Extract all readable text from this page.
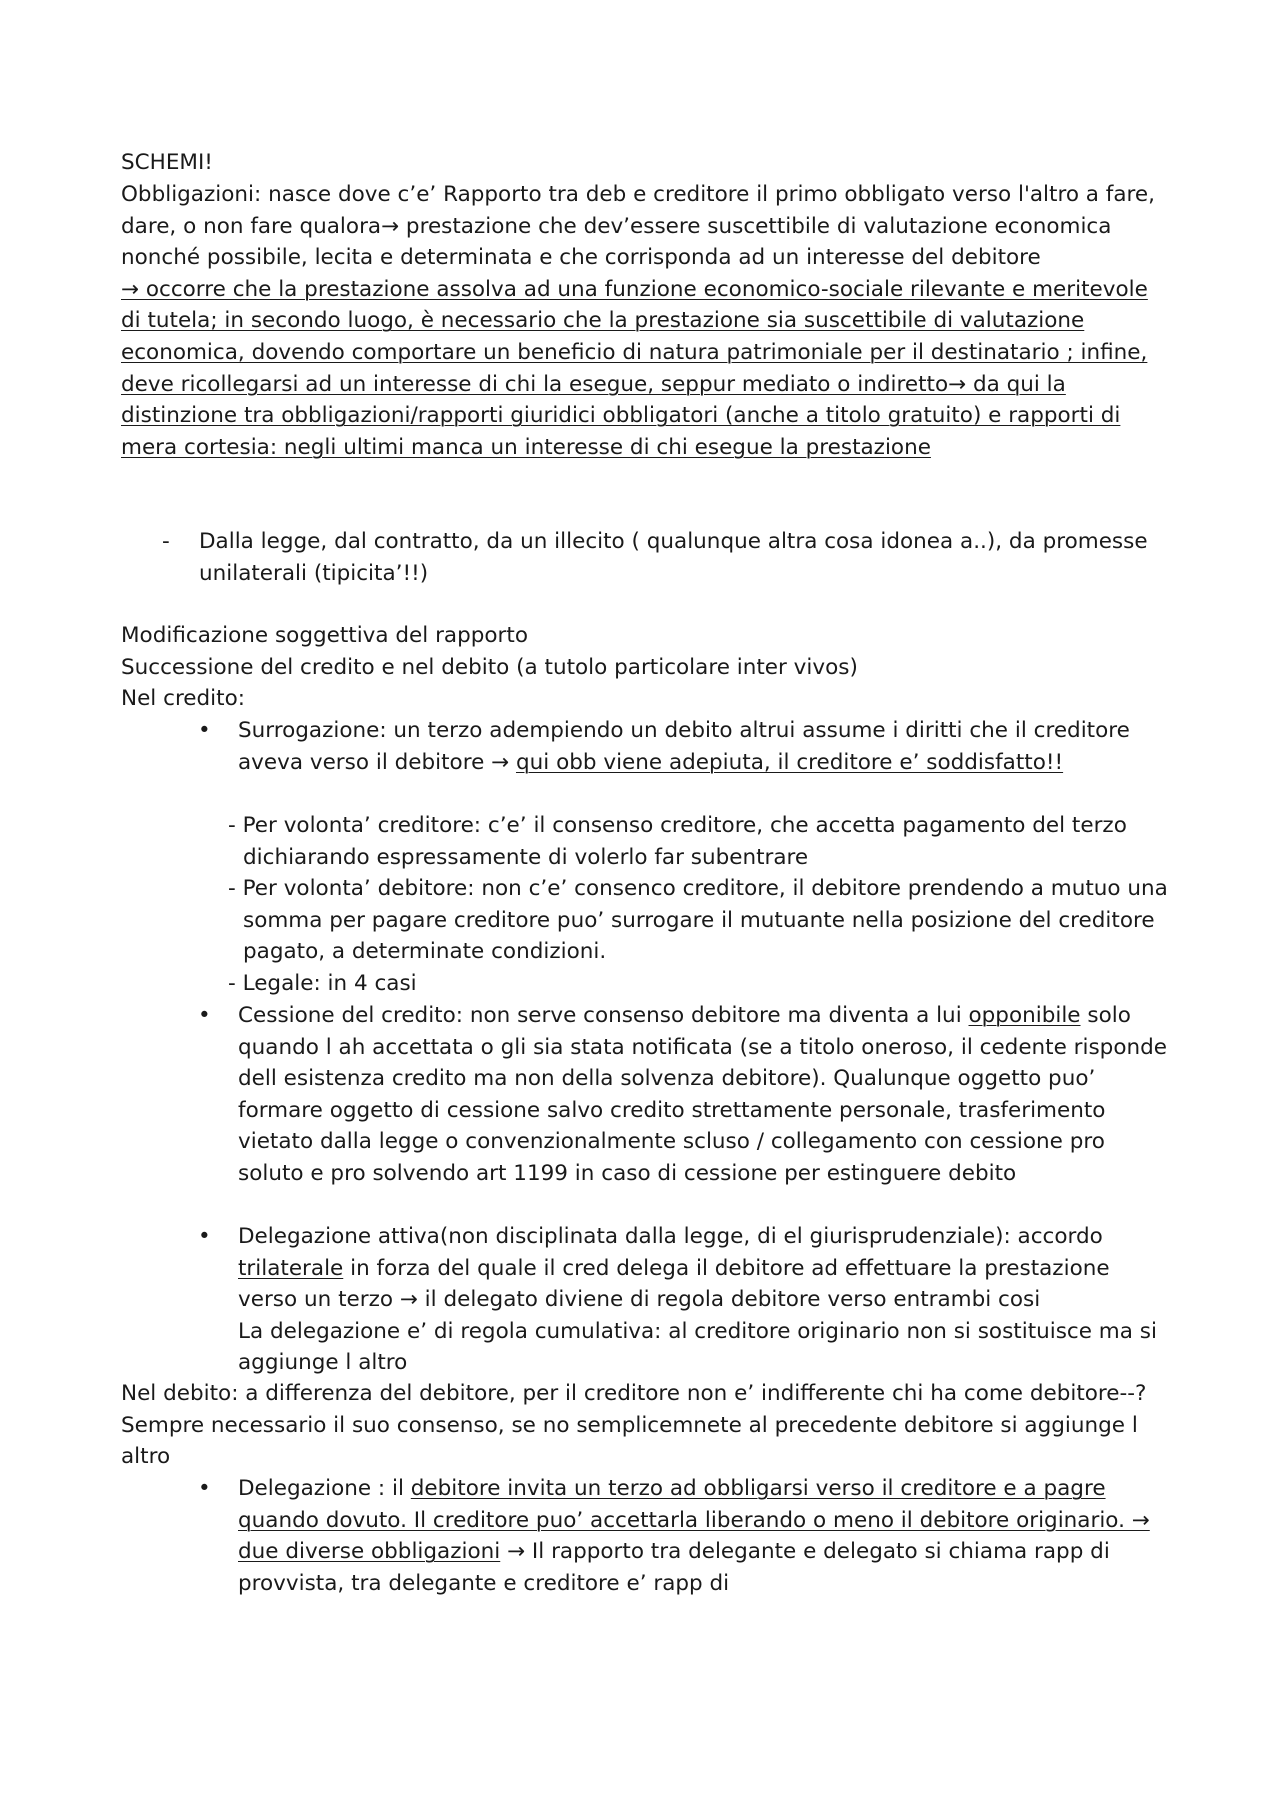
SCHEMI!

Obbligazioni: nasce dove c’e’ Rapporto tra deb e creditore il primo obbligato verso l'altro a fare, dare, o non fare qualora→ prestazione che dev’essere suscettibile di valutazione economica nonché possibile, lecita e determinata e che corrisponda ad un interesse del debitore
→ occorre che la prestazione assolva ad una funzione economico-sociale rilevante e meritevole di tutela; in secondo luogo, è necessario che la prestazione sia suscettibile di valutazione economica, dovendo comportare un beneficio di natura patrimoniale per il destinatario ; infine, deve ricollegarsi ad un interesse di chi la esegue, seppur mediato o indiretto→ da qui la distinzione tra obbligazioni/rapporti giuridici obbligatori (anche a titolo gratuito) e rapporti di mera cortesia: negli ultimi manca un interesse di chi esegue la prestazione

- Dalla legge, dal contratto, da un illecito ( qualunque altra cosa idonea a..), da promesse unilaterali (tipicita’!!)

Modificazione soggettiva del rapporto

Successione del credito e nel debito (a tutolo particolare inter vivos)

Nel credito:

• Surrogazione: un terzo adempiendo un debito altrui assume i diritti che il creditore aveva verso il debitore → qui obb viene adepiuta, il creditore e’ soddisfatto!!

- Per volonta’ creditore: c’e’ il consenso creditore, che accetta pagamento del terzo dichiarando espressamente di volerlo far subentrare

- Per volonta’ debitore: non c’e’ consenco creditore, il debitore prendendo a mutuo una somma per pagare creditore puo’ surrogare il mutuante nella posizione del creditore pagato, a determinate condizioni.

- Legale: in 4 casi

• Cessione del credito: non serve consenso debitore ma diventa a lui opponibile solo quando l ah accettata o gli sia stata notificata (se a titolo oneroso, il cedente risponde dell esistenza credito ma non della solvenza debitore). Qualunque oggetto puo’ formare oggetto di cessione salvo credito strettamente personale, trasferimento vietato dalla legge o convenzionalmente scluso / collegamento con cessione pro soluto e pro solvendo art 1199 in caso di cessione per estinguere debito

• Delegazione attiva(non disciplinata dalla legge, di el giurisprudenziale): accordo trilaterale in forza del quale il cred delega il debitore ad effettuare la prestazione verso un terzo → il delegato diviene di regola debitore verso entrambi cosi
La delegazione e’ di regola cumulativa: al creditore originario non si sostituisce ma si aggiunge l altro

Nel debito: a differenza del debitore, per il creditore non e’ indifferente chi ha come debitore--? Sempre necessario il suo consenso, se no semplicemnete al precedente debitore si aggiunge l altro

• Delegazione : il debitore invita un terzo ad obbligarsi verso il creditore e a pagre quando dovuto. Il creditore puo’ accettarla liberando o meno il debitore originario. → due diverse obbligazioni → Il rapporto tra delegante e delegato si chiama rapp di provvista, tra delegante e creditore e’ rapp di
